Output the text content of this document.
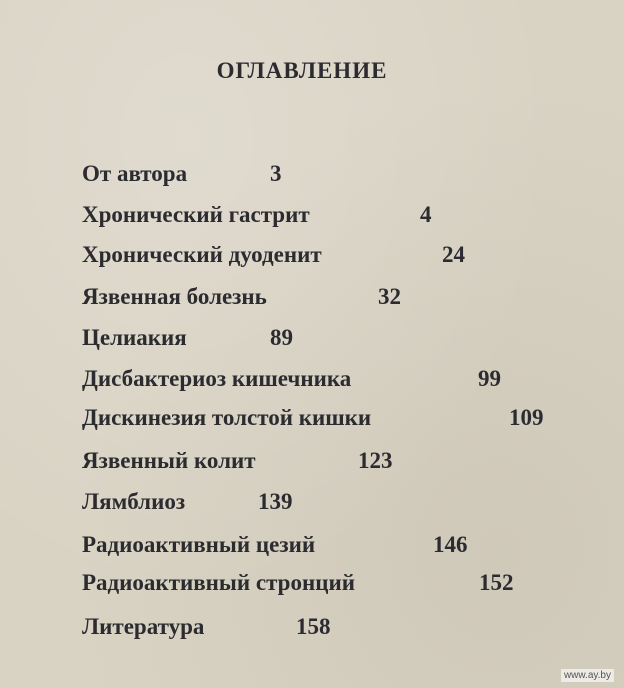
ОГЛАВЛЕНИЕ
От автора	3
Хронический гастрит	4
Хронический дуоденит	24
Язвенная болезнь	32
Целиакия	89
Дисбактериоз кишечника	99
Дискинезия толстой кишки	109
Язвенный колит	123
Лямблиоз	139
Радиоактивный цезий	146
Радиоактивный стронций	152
Литература	158
www.ay.by
